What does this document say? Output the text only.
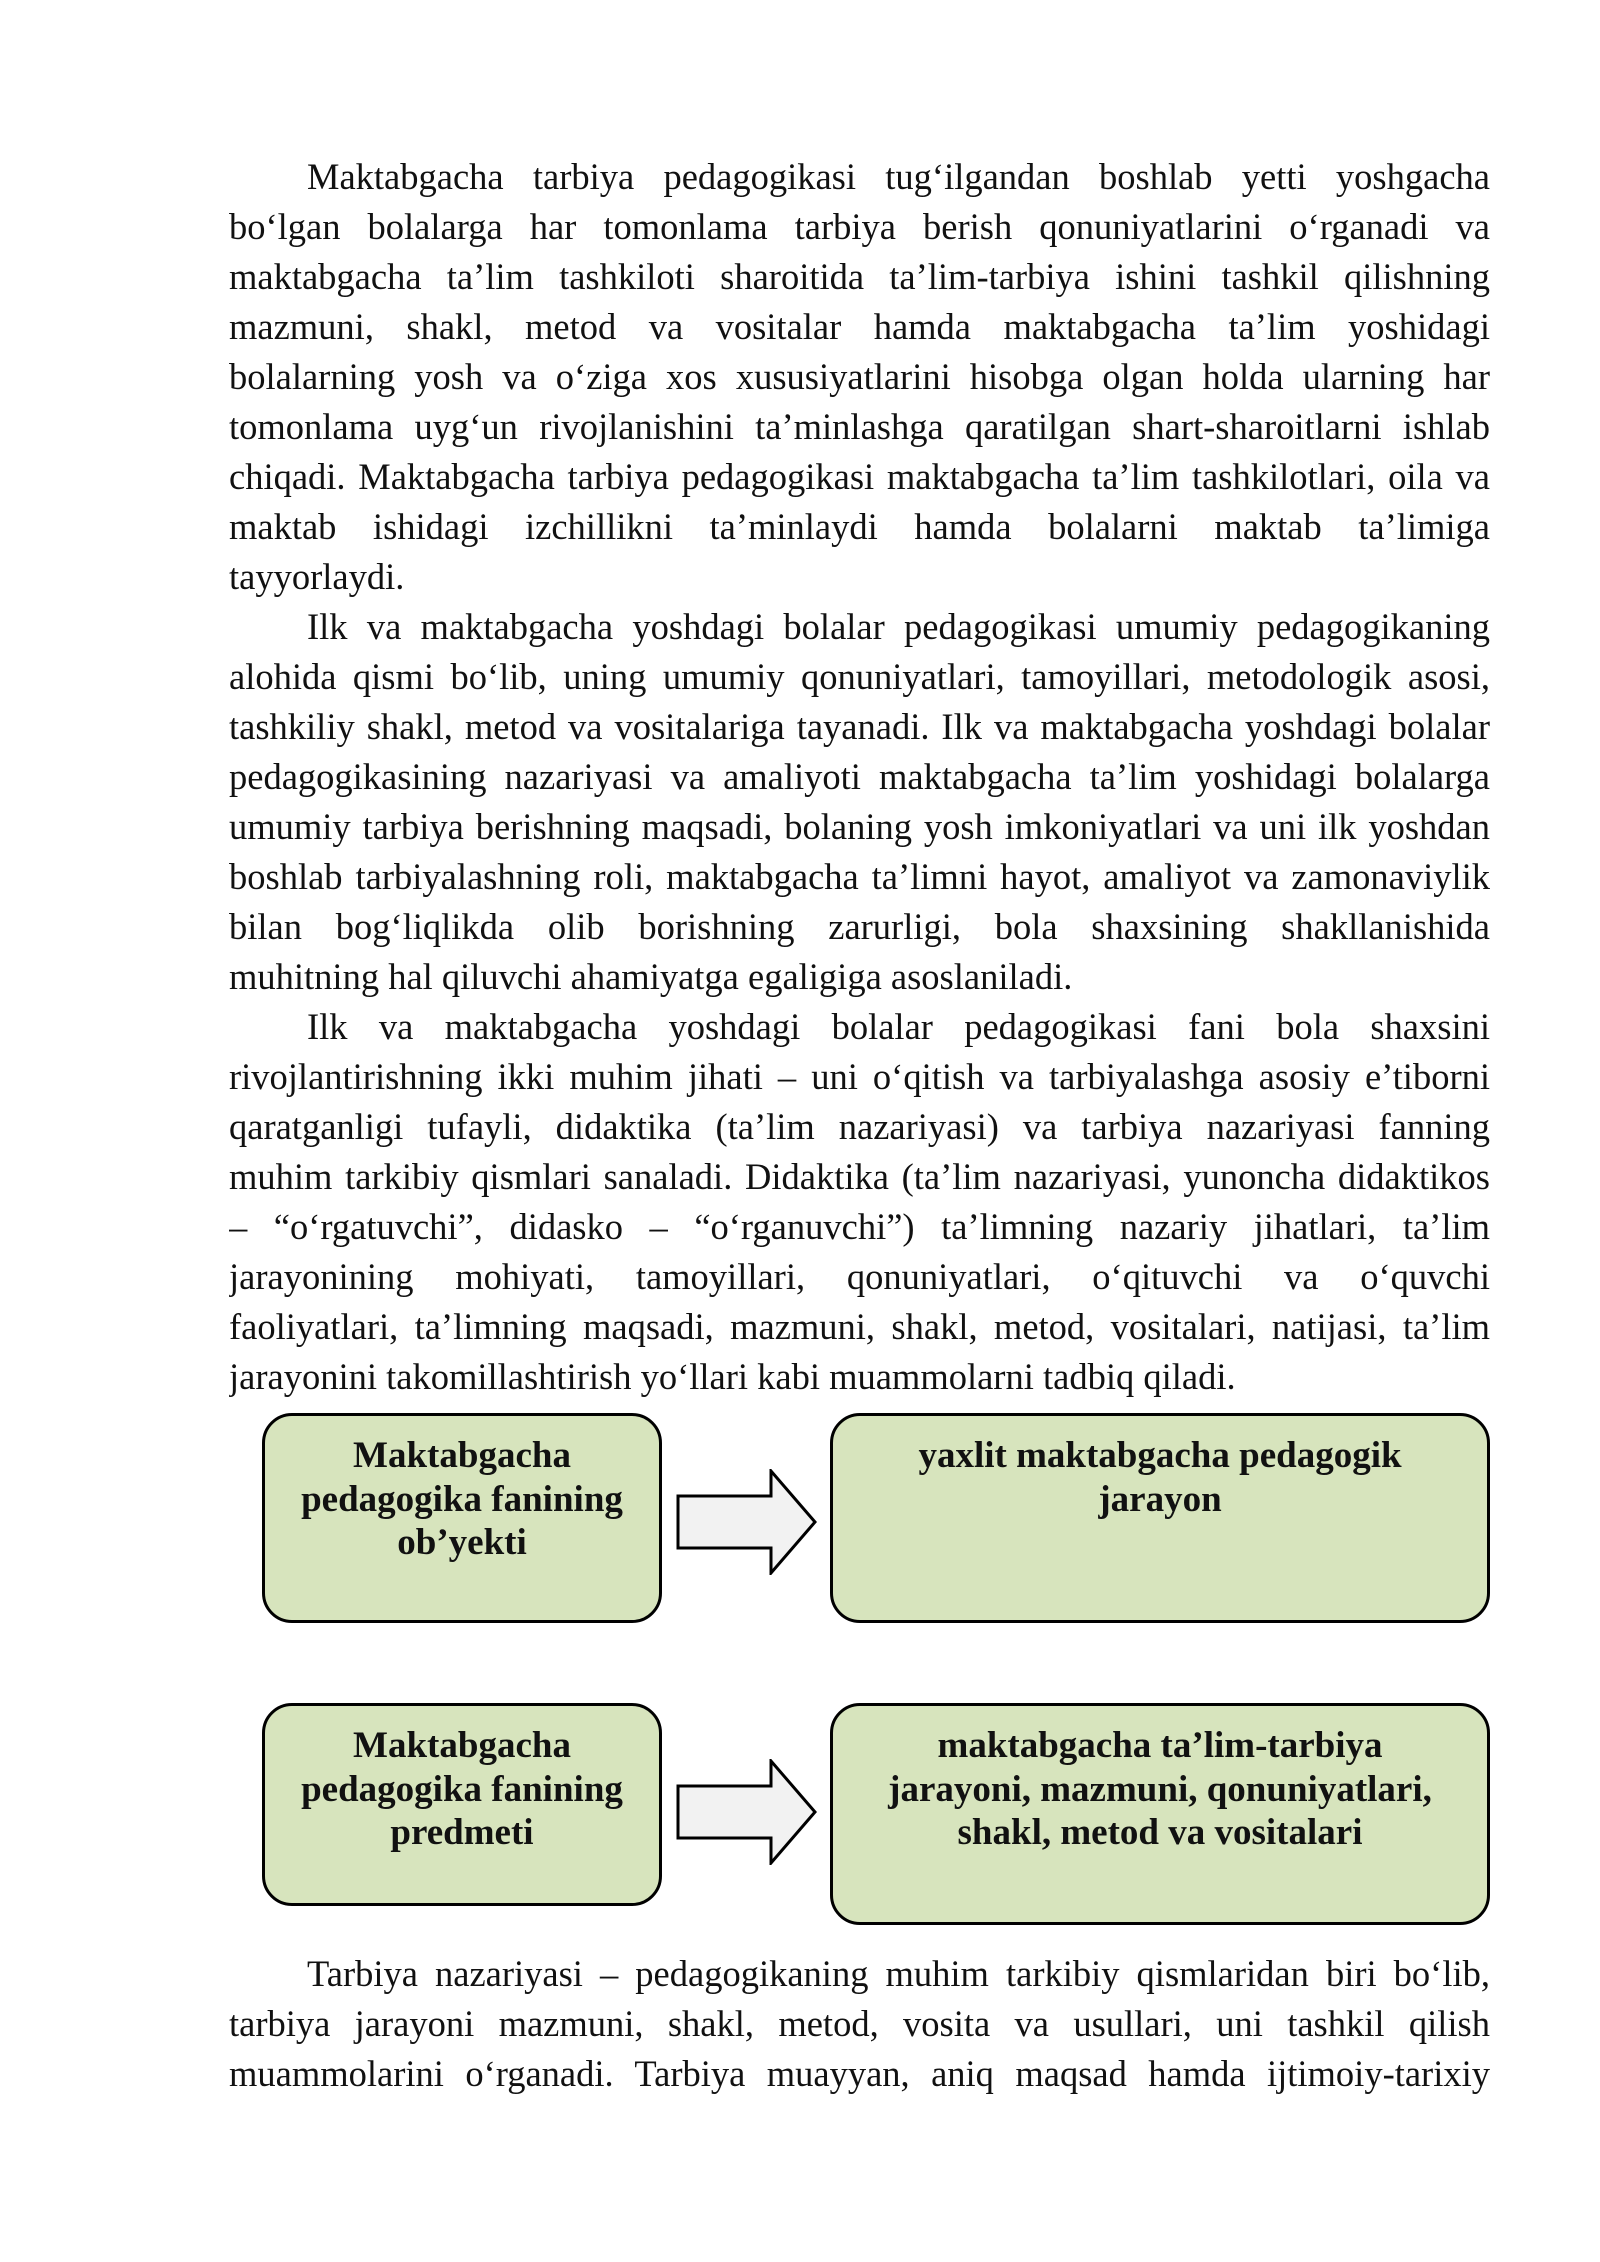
Maktabgacha tarbiya pedagogikasi tug‘ilgandan boshlab yetti yoshgacha
bo‘lgan bolalarga har tomonlama tarbiya berish qonuniyatlarini o‘rganadi va
maktabgacha ta’lim tashkiloti sharoitida ta’lim-tarbiya ishini tashkil qilishning
mazmuni, shakl, metod va vositalar hamda maktabgacha ta’lim yoshidagi
bolalarning yosh va o‘ziga xos xususiyatlarini hisobga olgan holda ularning har
tomonlama uyg‘un rivojlanishini ta’minlashga qaratilgan shart-sharoitlarni ishlab
chiqadi. Maktabgacha tarbiya pedagogikasi maktabgacha ta’lim tashkilotlari, oila va
maktab ishidagi izchillikni ta’minlaydi hamda bolalarni maktab ta’limiga
tayyorlaydi.
Ilk va maktabgacha yoshdagi bolalar pedagogikasi umumiy pedagogikaning
alohida qismi bo‘lib, uning umumiy qonuniyatlari, tamoyillari, metodologik asosi,
tashkiliy shakl, metod va vositalariga tayanadi. Ilk va maktabgacha yoshdagi bolalar
pedagogikasining nazariyasi va amaliyoti maktabgacha ta’lim yoshidagi bolalarga
umumiy tarbiya berishning maqsadi, bolaning yosh imkoniyatlari va uni ilk yoshdan
boshlab tarbiyalashning roli, maktabgacha ta’limni hayot, amaliyot va zamonaviylik
bilan bog‘liqlikda olib borishning zarurligi, bola shaxsining shakllanishida
muhitning hal qiluvchi ahamiyatga egaligiga asoslaniladi.
Ilk va maktabgacha yoshdagi bolalar pedagogikasi fani bola shaxsini
rivojlantirishning ikki muhim jihati – uni o‘qitish va tarbiyalashga asosiy e’tiborni
qaratganligi tufayli, didaktika (ta’lim nazariyasi) va tarbiya nazariyasi fanning
muhim tarkibiy qismlari sanaladi. Didaktika (ta’lim nazariyasi, yunoncha didaktikos
– “o‘rgatuvchi”, didasko – “o‘rganuvchi”) ta’limning nazariy jihatlari, ta’lim
jarayonining mohiyati, tamoyillari, qonuniyatlari, o‘qituvchi va o‘quvchi
faoliyatlari, ta’limning maqsadi, mazmuni, shakl, metod, vositalari, natijasi, ta’lim
jarayonini takomillashtirish yo‘llari kabi muammolarni tadbiq qiladi.
Maktabgacha
pedagogika fanining
ob’yekti
yaxlit maktabgacha pedagogik
jarayon
Maktabgacha
pedagogika fanining
predmeti
maktabgacha ta’lim-tarbiya
jarayoni, mazmuni, qonuniyatlari,
shakl, metod va vositalari
Tarbiya nazariyasi – pedagogikaning muhim tarkibiy qismlaridan biri bo‘lib,
tarbiya jarayoni mazmuni, shakl, metod, vosita va usullari, uni tashkil qilish
muammolarini o‘rganadi. Tarbiya muayyan, aniq maqsad hamda ijtimoiy-tarixiy
